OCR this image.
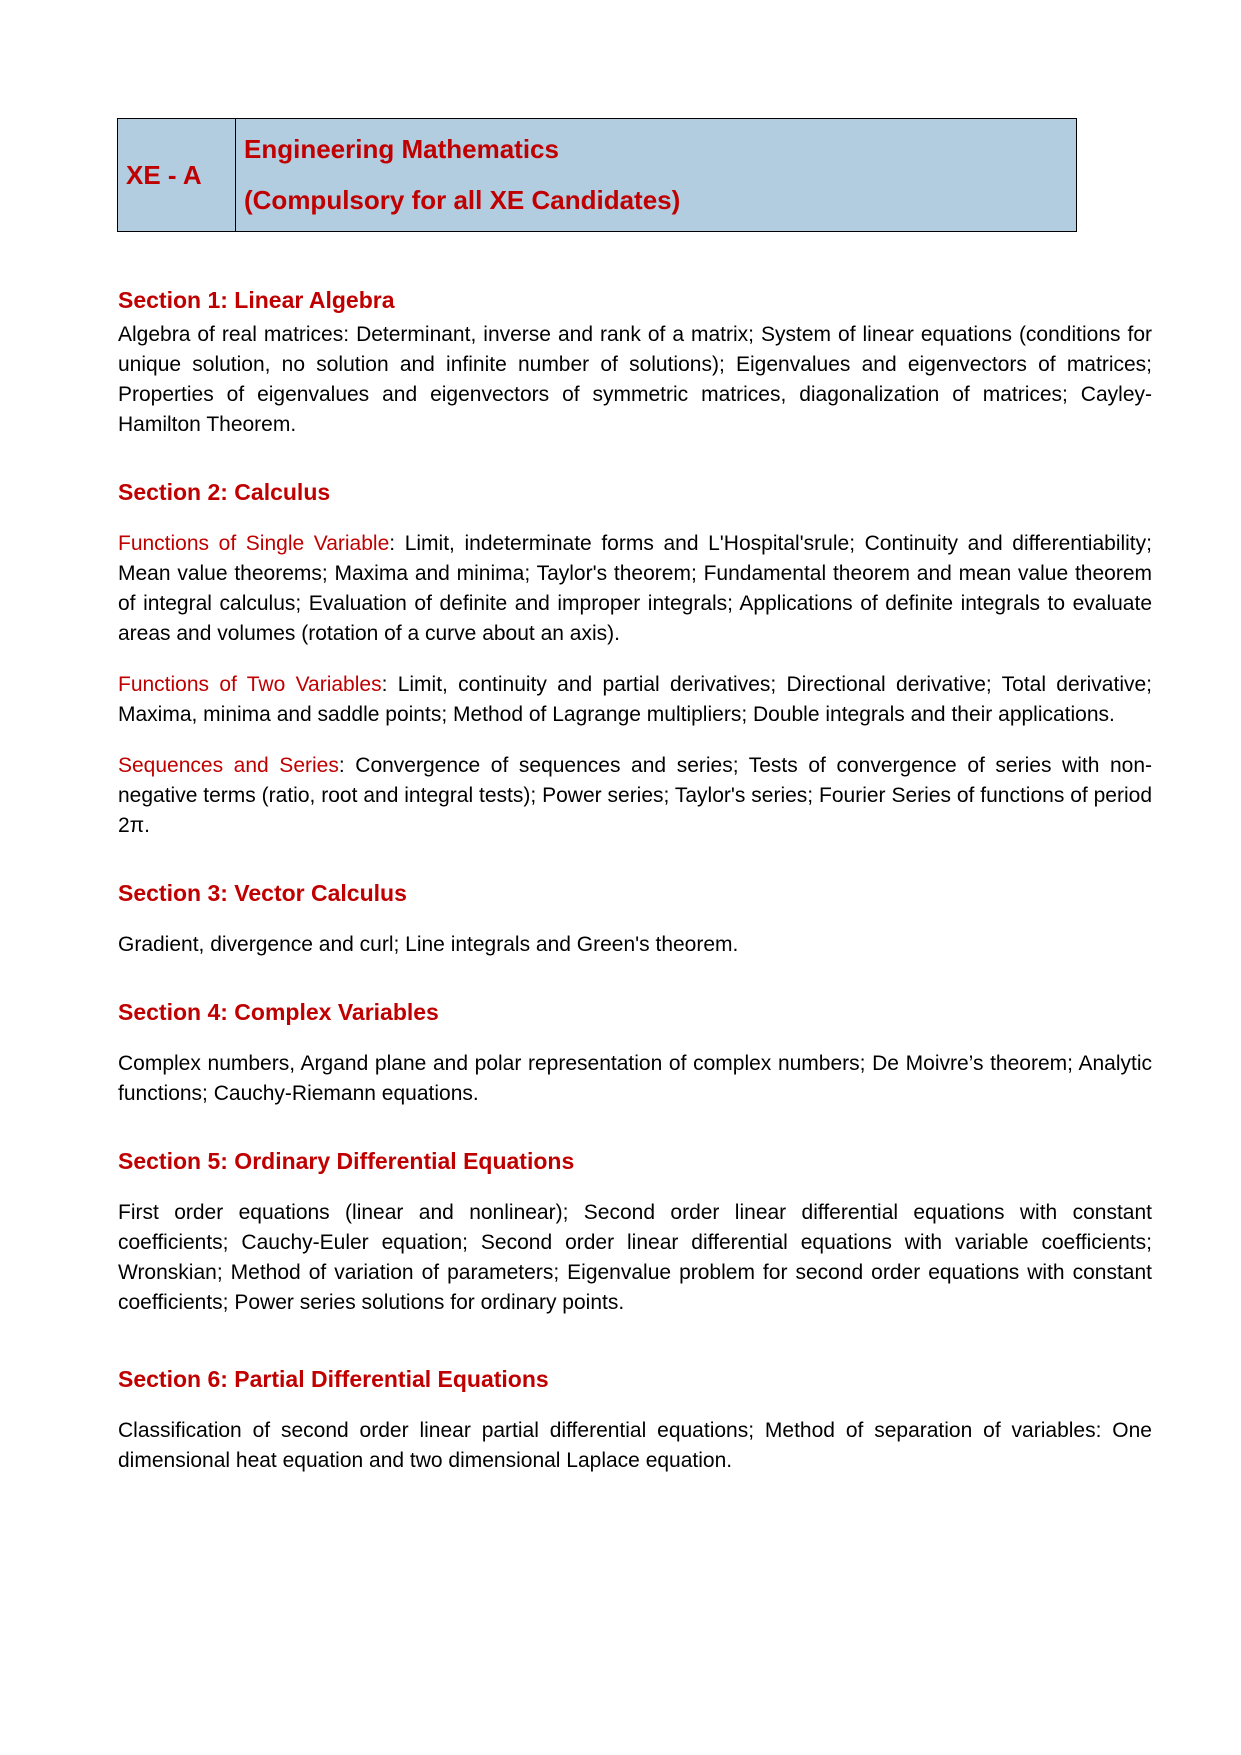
XE - A
Engineering Mathematics
(Compulsory for all XE Candidates)
Section 1: Linear Algebra

Algebra of real matrices: Determinant, inverse and rank of a matrix; System of linear equations (conditions for unique solution, no solution and infinite number of solutions); Eigenvalues and eigenvectors of matrices; Properties of eigenvalues and eigenvectors of symmetric matrices, diagonalization of matrices; Cayley-Hamilton Theorem.

Section 2: Calculus

Functions of Single Variable: Limit, indeterminate forms and L'Hospital'srule; Continuity and differentiability; Mean value theorems; Maxima and minima; Taylor's theorem; Fundamental theorem and mean value theorem of integral calculus; Evaluation of definite and improper integrals; Applications of definite integrals to evaluate areas and volumes (rotation of a curve about an axis).

Functions of Two Variables: Limit, continuity and partial derivatives; Directional derivative; Total derivative; Maxima, minima and saddle points; Method of Lagrange multipliers; Double integrals and their applications.

Sequences and Series: Convergence of sequences and series; Tests of convergence of series with non-negative terms (ratio, root and integral tests); Power series; Taylor's series; Fourier Series of functions of period 2π.

Section 3: Vector Calculus

Gradient, divergence and curl; Line integrals and Green's theorem.

Section 4: Complex Variables

Complex numbers, Argand plane and polar representation of complex numbers; De Moivre’s theorem; Analytic functions; Cauchy-Riemann equations.

Section 5: Ordinary Differential Equations

First order equations (linear and nonlinear); Second order linear differential equations with constant coefficients; Cauchy-Euler equation; Second order linear differential equations with variable coefficients; Wronskian; Method of variation of parameters; Eigenvalue problem for second order equations with constant coefficients; Power series solutions for ordinary points.

Section 6: Partial Differential Equations

Classification of second order linear partial differential equations; Method of separation of variables: One dimensional heat equation and two dimensional Laplace equation.
